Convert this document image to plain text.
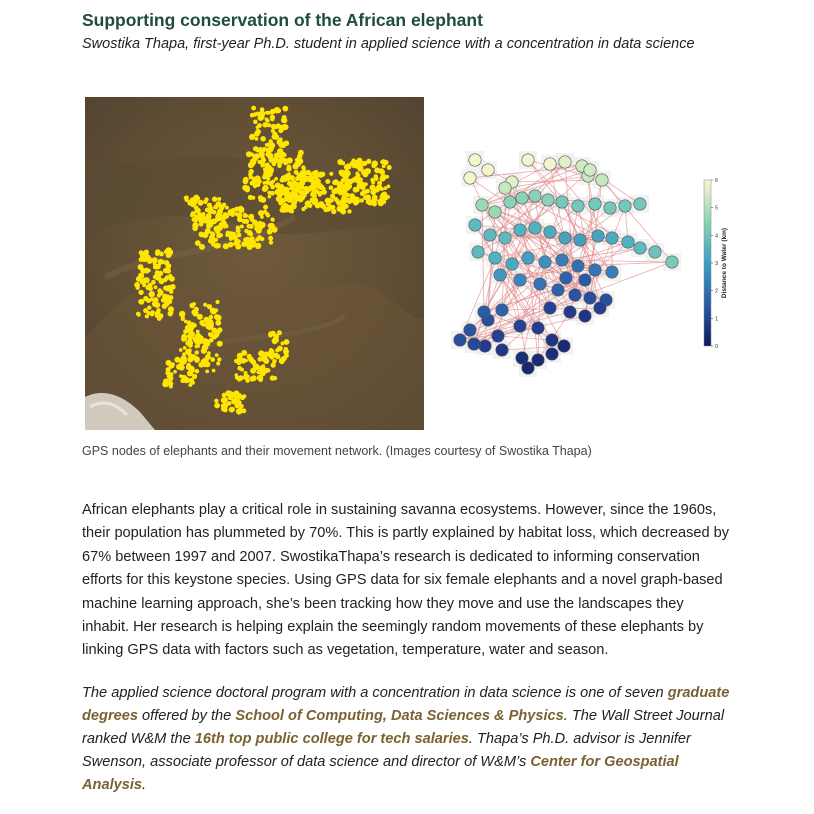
Supporting conservation of the African elephant

Swostika Thapa, first-year Ph.D. student in applied science with a concentration in data science

0
1
2
3
4
5
6
Distance to Water (km)

GPS nodes of elephants and their movement network. (Images courtesy of Swostika Thapa)

African elephants play a critical role in sustaining savanna ecosystems. However, since the 1960s, their population has plummeted by 70%. This is partly explained by habitat loss, which decreased by 67% between 1997 and 2007. SwostikaThapa’s research is dedicated to informing conservation efforts for this keystone species. Using GPS data for six female elephants and a novel graph-based machine learning approach, she’s been tracking how they move and use the landscapes they inhabit. Her research is helping explain the seemingly random movements of these elephants by linking GPS data with factors such as vegetation, temperature, water and season.

The applied science doctoral program with a concentration in data science is one of seven graduate degrees offered by the School of Computing, Data Sciences & Physics. The Wall Street Journal ranked W&M the 16th top public college for tech salaries. Thapa’s Ph.D. advisor is Jennifer Swenson, associate professor of data science and director of W&M’s Center for Geospatial Analysis.
